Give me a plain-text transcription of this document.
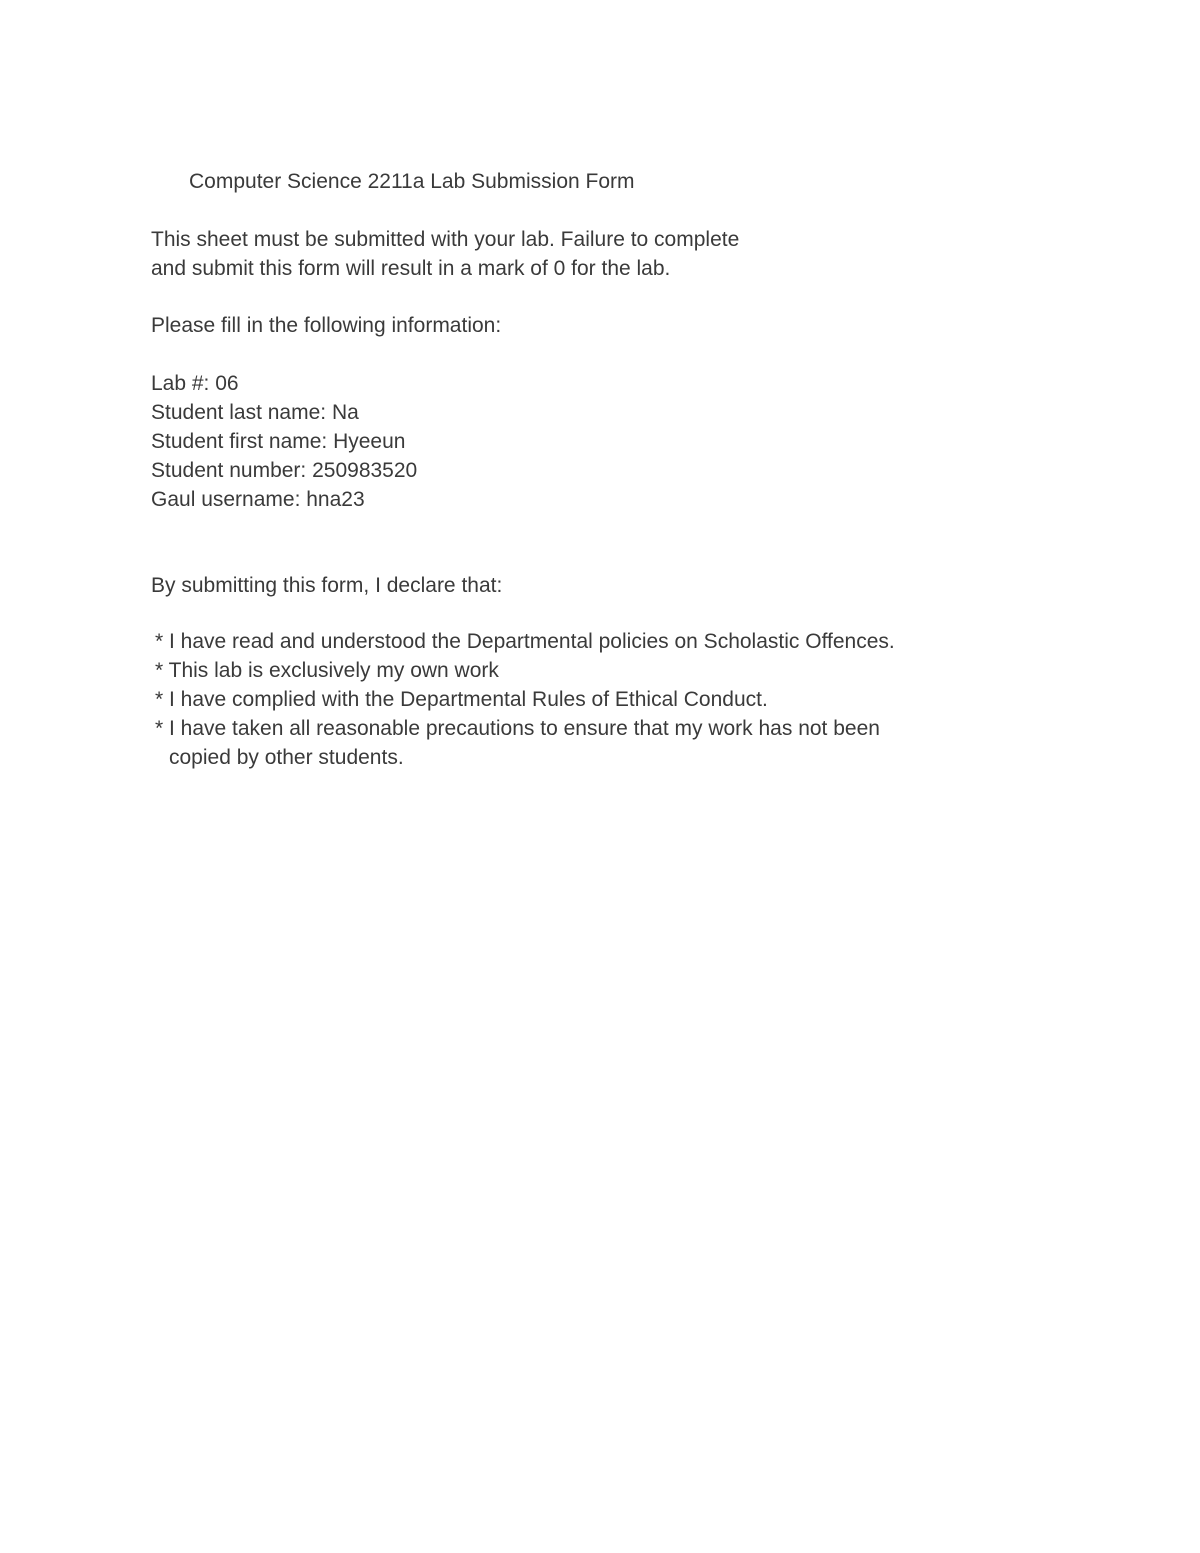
Computer Science 2211a Lab Submission Form

This sheet must be submitted with your lab. Failure to complete
and submit this form will result in a mark of 0 for the lab.

Please fill in the following information:

Lab #: 06
Student last name: Na
Student first name: Hyeeun
Student number: 250983520
Gaul username: hna23

By submitting this form, I declare that:

* I have read and understood the Departmental policies on Scholastic Offences.
* This lab is exclusively my own work
* I have complied with the Departmental Rules of Ethical Conduct.
* I have taken all reasonable precautions to ensure that my work has not been
copied by other students.
